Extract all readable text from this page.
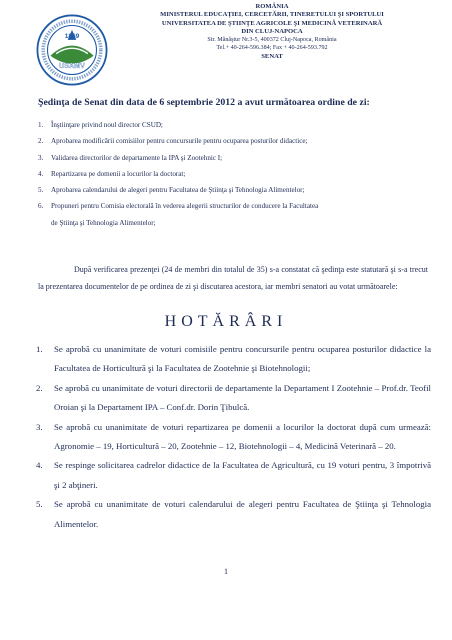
1869
USAMV
ROMÂNIA
MINISTERUL EDUCAŢIEI, CERCETĂRII, TINERETULUI ŞI SPORTULUI
UNIVERSITATEA DE ŞTIINŢE AGRICOLE ŞI MEDICINĂ VETERINARĂ
DIN CLUJ-NAPOCA
Str. Mănăştur Nr.3-5, 400372 Cluj-Napoca, România
Tel.+ 40-264-596.384; Fax + 40-264-593.792
SENAT
Şedinţa de Senat din data de 6 septembrie 2012 a avut următoarea ordine de zi:
1. Înştiinţare privind noul director CSUD;
2. Aprobarea modificării comisiilor pentru concursurile pentru ocuparea posturilor didactice;
3. Validarea directorilor de departamente la IPA şi Zootehnic I;
4. Repartizarea pe domenii a locurilor la doctorat;
5. Aprobarea calendarului de alegeri pentru Facultatea de Ştiinţa şi Tehnologia Alimentelor;
6. Propuneri pentru Comisia electorală în vederea alegerii structurilor de conducere la Facultatea
de Ştiinţa şi Tehnologia Alimentelor;
După verificarea prezenţei (24 de membri din totalul de 35) s-a constatat că şedinţa este statutară şi s-a trecut la prezentarea documentelor de pe ordinea de zi şi discutarea acestora, iar membri senatori au votat următoarele:
HOTĂRÂRI
1. Se aprobă cu unanimitate de voturi comisiile pentru concursurile pentru ocuparea posturilor didactice la Facultatea de Horticultură şi la Facultatea de Zootehnie şi Biotehnologii;
2. Se aprobă cu unanimitate de voturi directorii de departamente la Departament I Zootehnie – Prof.dr. Teofil Oroian şi la Departament IPA – Conf.dr. Dorin Ţibulcă.
3. Se aprobă cu unanimitate de voturi repartizarea pe domenii a locurilor la doctorat după cum urmează: Agronomie – 19, Horticultură – 20, Zootehnie – 12, Biotehnologii – 4, Medicină Veterinară – 20.
4. Se respinge solicitarea cadrelor didactice de la Facultatea de Agricultură, cu 19 voturi pentru, 3 împotrivă şi 2 abţineri.
5. Se aprobă cu unanimitate de voturi calendarului de alegeri pentru Facultatea de Ştiinţa şi Tehnologia Alimentelor.
1
